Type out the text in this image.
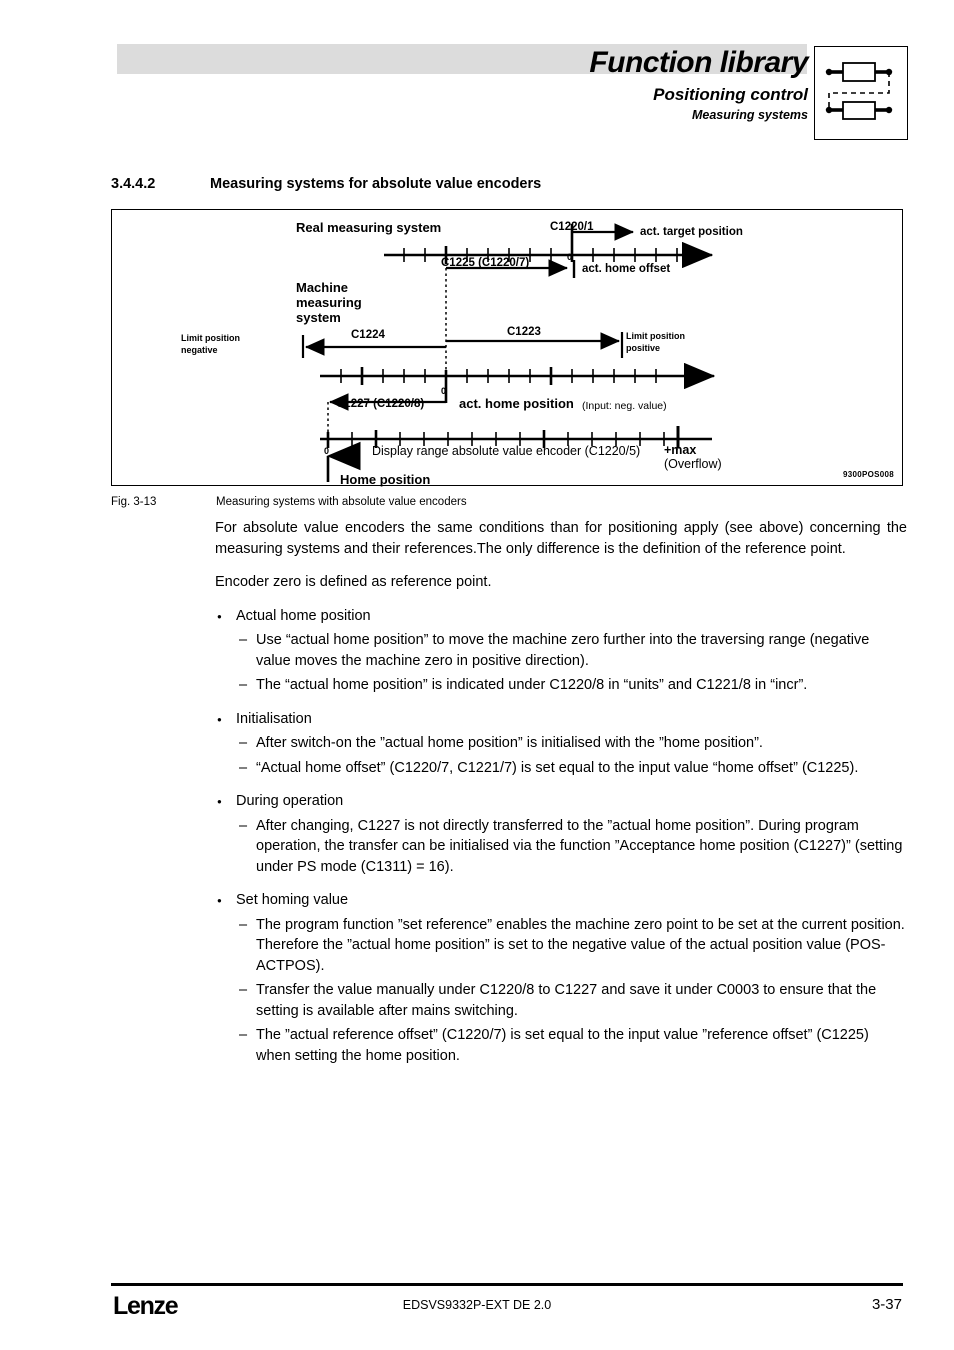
Function library
Positioning control
Measuring systems
3.4.4.2	Measuring systems for absolute value encoders
Real measuring system	C1220/1	act. target position
C1225 (C1220/7)	0
act. home offset
Machine
measuring
system
Limit position
negative
Limit position
positive
C1224	C1223
0
C1227 (C1220/8)	act. home position (Input: neg. value)
0	Display range absolute value encoder (C1220/5) +max
(Overflow)
Home position	9300POS008
Fig. 3-13	Measuring systems with absolute value encoders

For absolute value encoders the same conditions than for positioning apply (see above) concerning the measuring systems and their references.The only difference is the definition of the reference point.

Encoder zero is defined as reference point.

● Actual home position
– Use “actual home position” to move the machine zero further into the traversing range (negative value moves the machine zero in positive direction).
– The “actual home position” is indicated under C1220/8 in “units” and C1221/8 in “incr”.
● Initialisation
– After switch-on the ”actual home position” is initialised with the ”home position”.
– “Actual home offset” (C1220/7, C1221/7) is set equal to the input value “home offset” (C1225).
● During operation
– After changing, C1227 is not directly transferred to the ”actual home position”. During program operation, the transfer can be initialised via the function ”Acceptance home position (C1227)” (setting under PS mode (C1311) = 16).
● Set homing value
– The program function ”set reference” enables the machine zero point to be set at the current position. Therefore the ”actual home position” is set to the negative value of the actual position value (POS-ACTPOS).
– Transfer the value manually under C1220/8 to C1227 and save it under C0003 to ensure that the setting is available after mains switching.
– The ”actual reference offset” (C1220/7) is set equal to the input value ”reference offset” (C1225) when setting the home position.
Lenze	EDSVS9332P-EXT DE 2.0	3-37
